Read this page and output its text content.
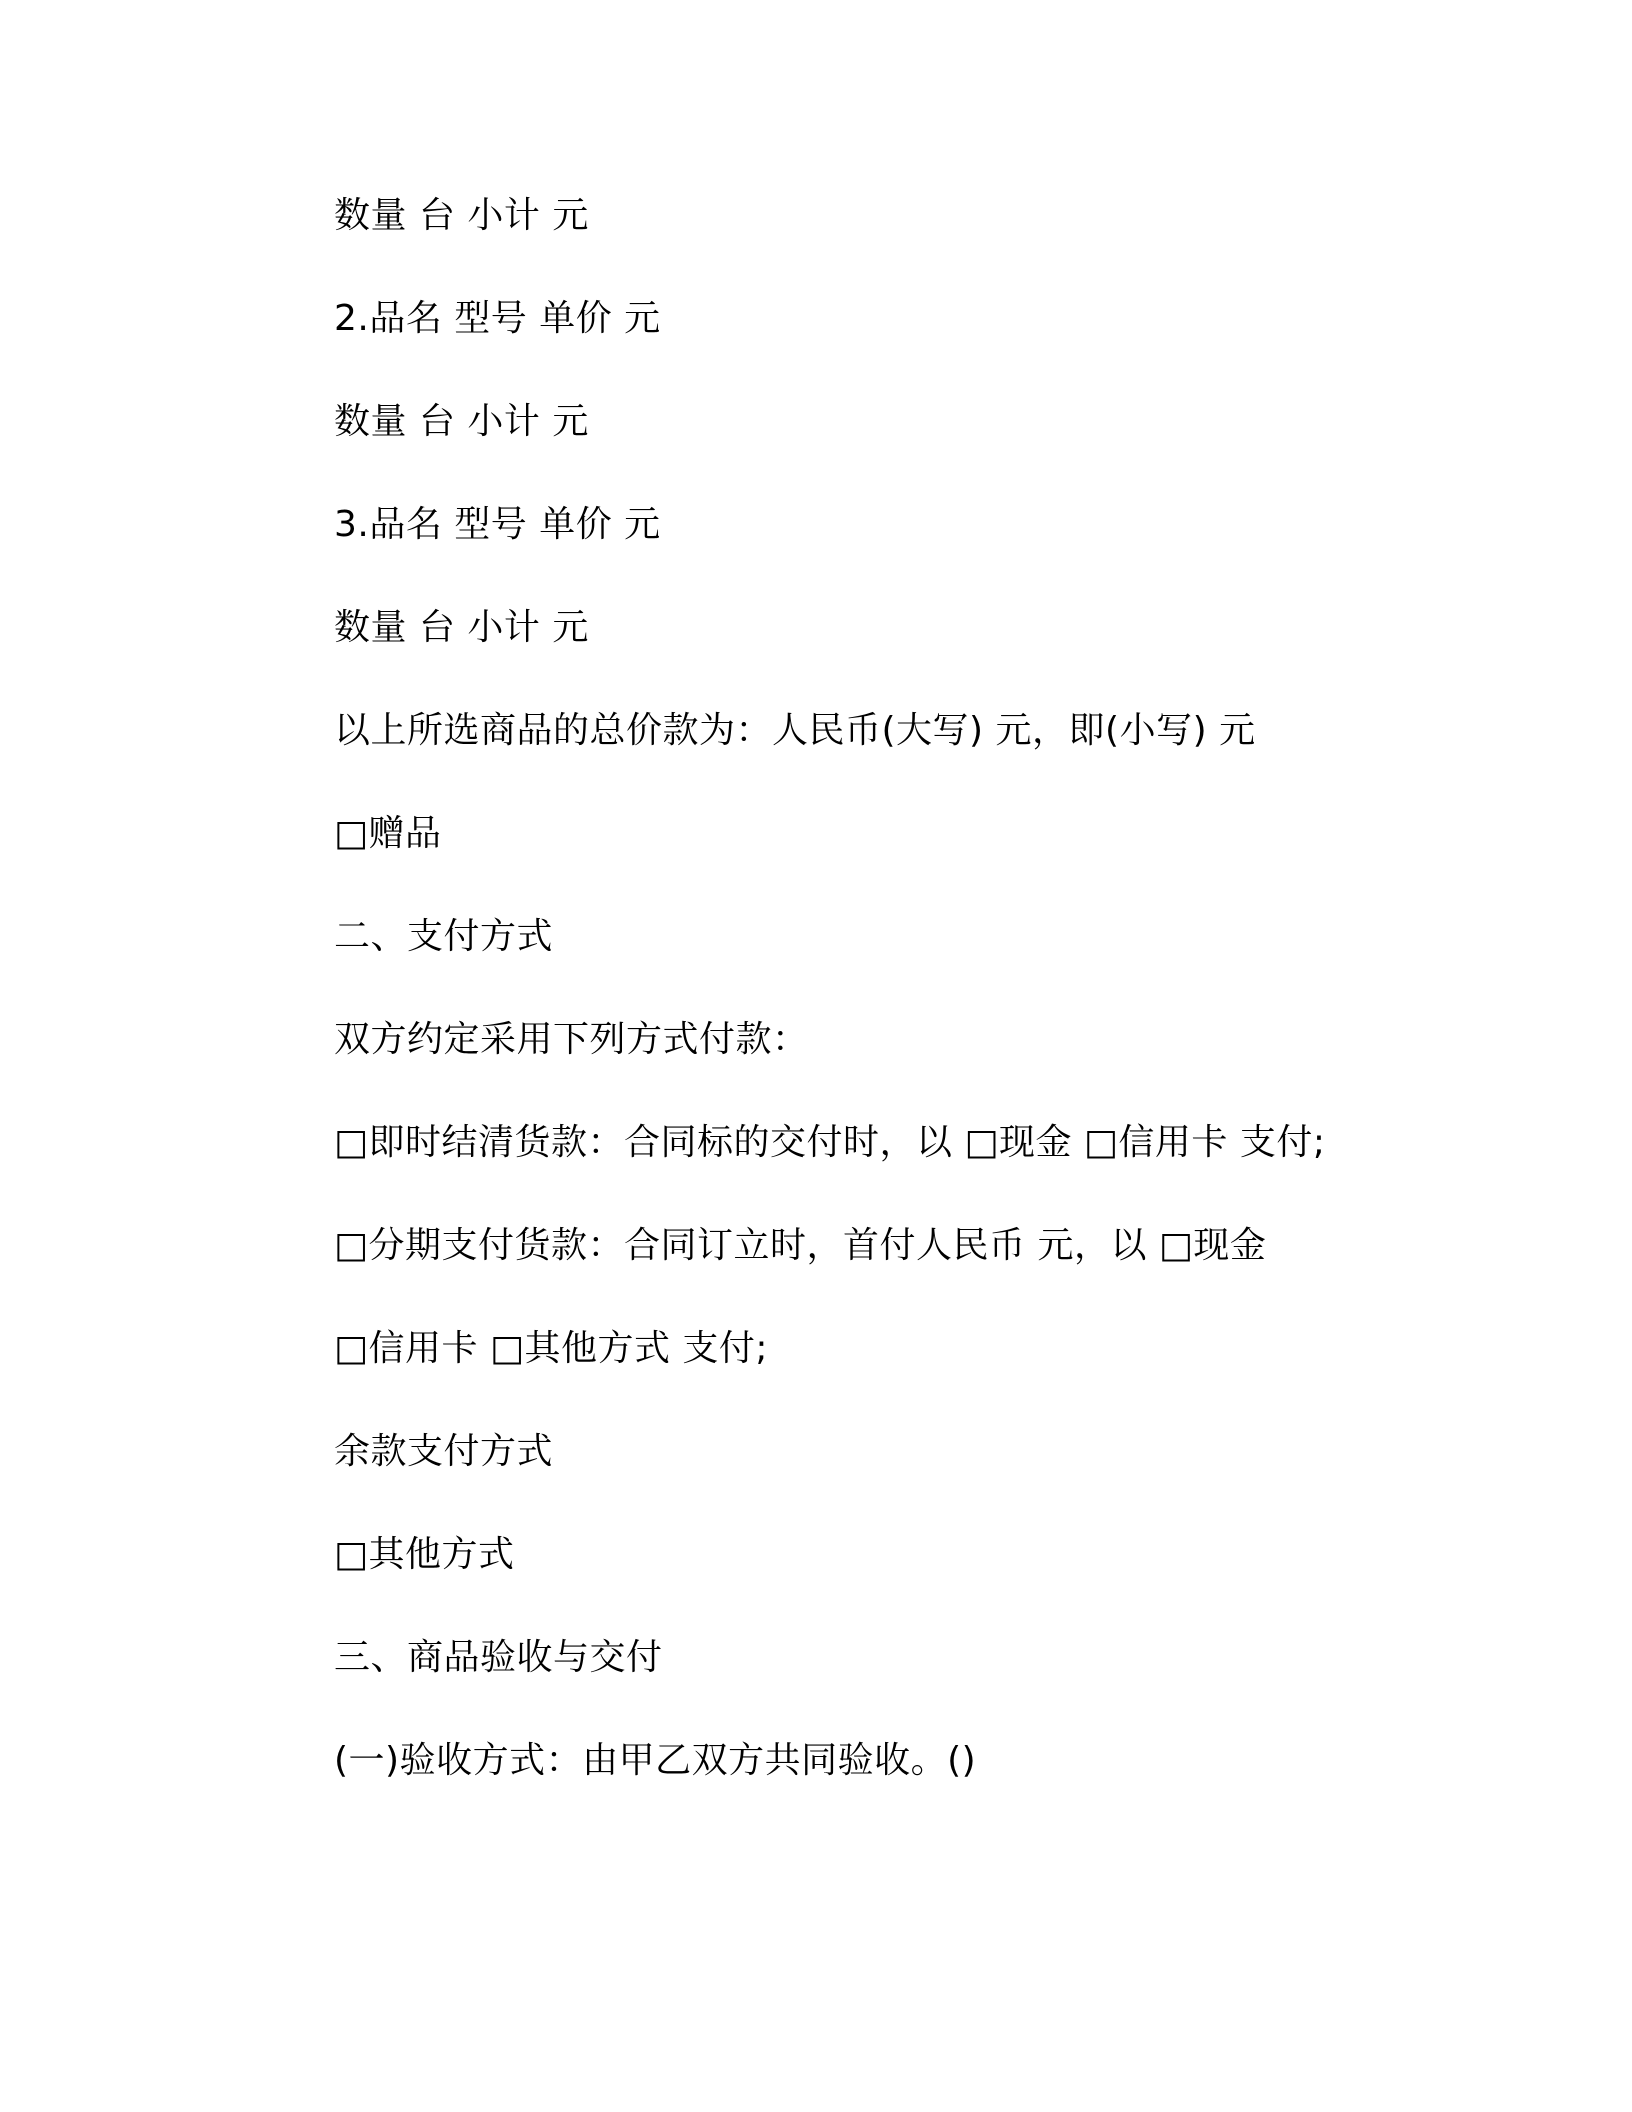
数量 台 小计 元
2.品名 型号 单价 元
数量 台 小计 元
3.品名 型号 单价 元
数量 台 小计 元
以上所选商品的总价款为：人民币(大写) 元，即(小写) 元
□赠品
二、支付方式
双方约定采用下列方式付款：
□即时结清货款：合同标的交付时，以 □现金 □信用卡 支付;
□分期支付货款：合同订立时，首付人民币 元，以 □现金
□信用卡 □其他方式 支付;
余款支付方式
□其他方式
三、商品验收与交付
(一)验收方式：由甲乙双方共同验收。()
